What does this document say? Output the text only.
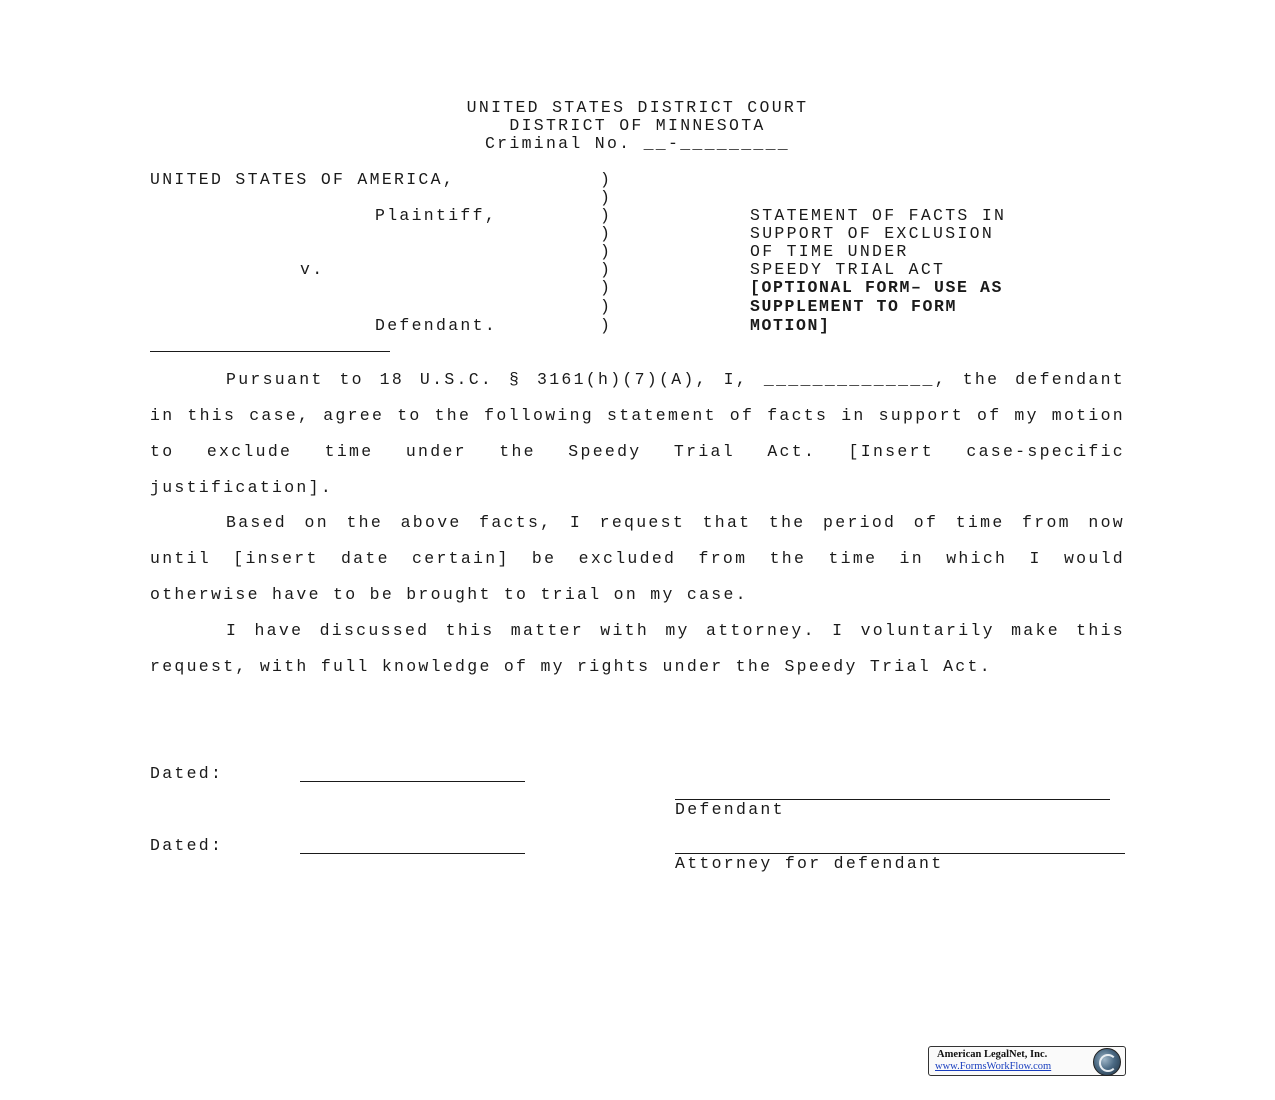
UNITED STATES DISTRICT COURT
DISTRICT OF MINNESOTA
Criminal No. __-_________
UNITED STATES OF AMERICA,
Plaintiff,
v.
Defendant.
)
)
)
)
)
)
)
)
)
STATEMENT OF FACTS IN
SUPPORT OF EXCLUSION
OF TIME UNDER
SPEEDY TRIAL ACT
[OPTIONAL FORM– USE AS
SUPPLEMENT TO FORM
MOTION]
Pursuant to 18 U.S.C. § 3161(h)(7)(A), I, ______________, the defendant in this case, agree to the following statement of facts in support of my motion to exclude time under the Speedy Trial Act. [Insert case-specific justification].
Based on the above facts, I request that the period of time from now until [insert date certain] be excluded from the time in which I would otherwise have to be brought to trial on my case.
I have discussed this matter with my attorney. I voluntarily make this request, with full knowledge of my rights under the Speedy Trial Act.
Dated:
Defendant
Dated:
Attorney for defendant
American LegalNet, Inc.
www.FormsWorkFlow.com
